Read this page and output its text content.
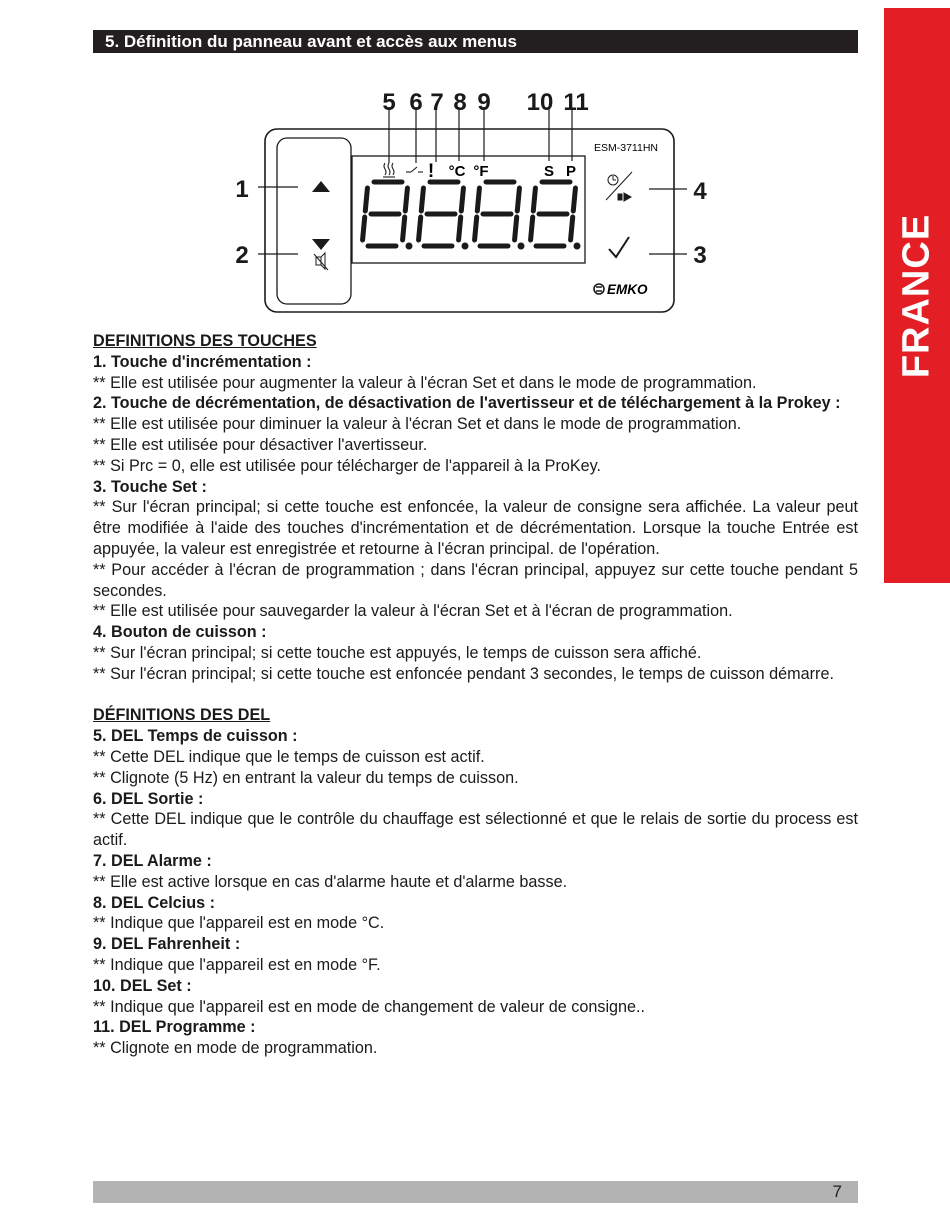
5. Définition du panneau avant et accès aux menus
FRANCE
! °C °F	S P
ESM-3711HN
EMKO
5 6 7 8 9 10 11
1
2
4
3

DEFINITIONS DES TOUCHES

1. Touche d'incrémentation :

** Elle est utilisée pour augmenter la valeur à l'écran Set et dans le mode de programmation.

2. Touche de décrémentation, de désactivation de l'avertisseur et de téléchargement à la Prokey :

** Elle est utilisée pour diminuer la valeur à l'écran Set et dans le mode de programmation.

** Elle est utilisée pour désactiver l'avertisseur.

** Si Prc = 0, elle est utilisée pour télécharger de l'appareil à la ProKey.

3. Touche Set :

** Sur l'écran principal; si cette touche est enfoncée, la valeur de consigne sera affichée. La valeur peut être modifiée à l'aide des touches d'incrémentation et de décrémentation. Lorsque la touche Entrée est appuyée, la valeur est enregistrée et retourne à l'écran principal. de l'opération.

** Pour accéder à l'écran de programmation ; dans l'écran principal, appuyez sur cette touche pendant 5 secondes.

** Elle est utilisée pour sauvegarder la valeur à l'écran Set et à l'écran de programmation.

4. Bouton de cuisson :

** Sur l'écran principal; si cette touche est appuyés, le temps de cuisson sera affiché.

** Sur l'écran principal; si cette touche est enfoncée pendant 3 secondes, le temps de cuisson démarre.

DÉFINITIONS DES DEL

5. DEL Temps de cuisson :

** Cette DEL indique que le temps de cuisson est actif.

** Clignote (5 Hz) en entrant la valeur du temps de cuisson.

6. DEL Sortie :

** Cette DEL indique que le contrôle du chauffage est sélectionné et que le relais de sortie du process est actif.

7. DEL Alarme :

** Elle est active lorsque en cas d'alarme haute et d'alarme basse.

8. DEL Celcius :

** Indique que l'appareil est en mode °C.

9. DEL Fahrenheit :

** Indique que l'appareil est en mode °F.

10. DEL Set :

** Indique que l'appareil est en mode de changement de valeur de consigne..

11. DEL Programme :

** Clignote en mode de programmation.

7
